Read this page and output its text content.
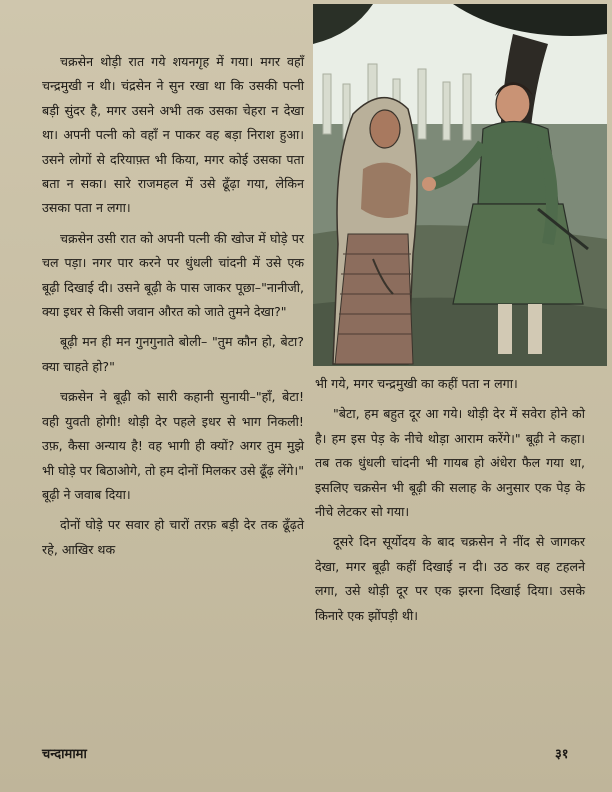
चक्रसेन थोड़ी रात गये शयनगृह में गया। मगर वहाँ चन्द्रमुखी न थी। चंद्रसेन ने सुन रखा था कि उसकी पत्नी बड़ी सुंदर है, मगर उसने अभी तक उसका चेहरा न देखा था। अपनी पत्नी को वहाँ न पाकर वह बड़ा निराश हुआ। उसने लोगों से दरियाफ़्त भी किया, मगर कोई उसका पता बता न सका। सारे राजमहल में उसे ढूँढ़ा गया, लेकिन उसका पता न लगा।

चक्रसेन उसी रात को अपनी पत्नी की खोज में घोड़े पर चल पड़ा। नगर पार करने पर धुंधली चांदनी में उसे एक बूढ़ी दिखाई दी। उसने बूढ़ी के पास जाकर पूछा–"नानीजी, क्या इधर से किसी जवान औरत को जाते तुमने देखा?"

बूढ़ी मन ही मन गुनगुनाते बोली– "तुम कौन हो, बेटा? क्या चाहते हो?"

चक्रसेन ने बूढ़ी को सारी कहानी सुनायी–"हाँ, बेटा! वही युवती होगी! थोड़ी देर पहले इधर से भाग निकली! उफ़, कैसा अन्याय है! वह भागी ही क्यों? अगर तुम मुझे भी घोड़े पर बिठाओगे, तो हम दोनों मिलकर उसे ढूँढ़ लेंगे।" बूढ़ी ने जवाब दिया।

दोनों घोड़े पर सवार हो चारों तरफ़ बड़ी देर तक ढूँढ़ते रहे, आखिर थक

भी गये, मगर चन्द्रमुखी का कहीं पता न लगा।

"बेटा, हम बहुत दूर आ गये। थोड़ी देर में सवेरा होने को है। हम इस पेड़ के नीचे थोड़ा आराम करेंगे।" बूढ़ी ने कहा। तब तक धुंधली चांदनी भी गायब हो अंधेरा फैल गया था, इसलिए चक्रसेन भी बूढ़ी की सलाह के अनुसार एक पेड़ के नीचे लेटकर सो गया।

दूसरे दिन सूर्योदय के बाद चक्रसेन ने नींद से जागकर देखा, मगर बूढ़ी कहीं दिखाई न दी। उठ कर वह टहलने लगा, उसे थोड़ी दूर पर एक झरना दिखाई दिया। उसके किनारे एक झोंपड़ी थी।

चन्दामामा	३१
